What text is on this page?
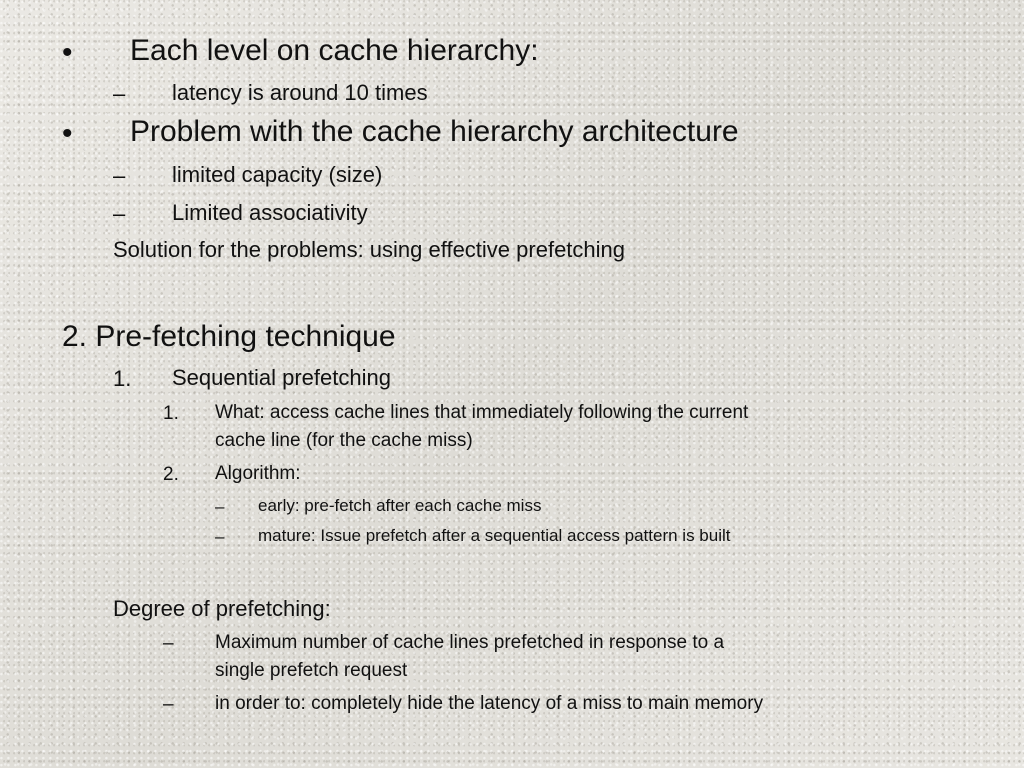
• Each level on cache hierarchy:
– latency is around 10 times
• Problem with the cache hierarchy architecture
– limited capacity (size)
– Limited associativity
Solution for the problems: using effective prefetching
2. Pre-fetching technique
1. Sequential prefetching
1. What: access cache lines that immediately following the current
cache line (for the cache miss)
2. Algorithm:
– early: pre-fetch after each cache miss
– mature: Issue prefetch after a sequential access pattern is built
Degree of prefetching:
– Maximum number of cache lines prefetched in response to a
single prefetch request
– in order to: completely hide the latency of a miss to main memory
